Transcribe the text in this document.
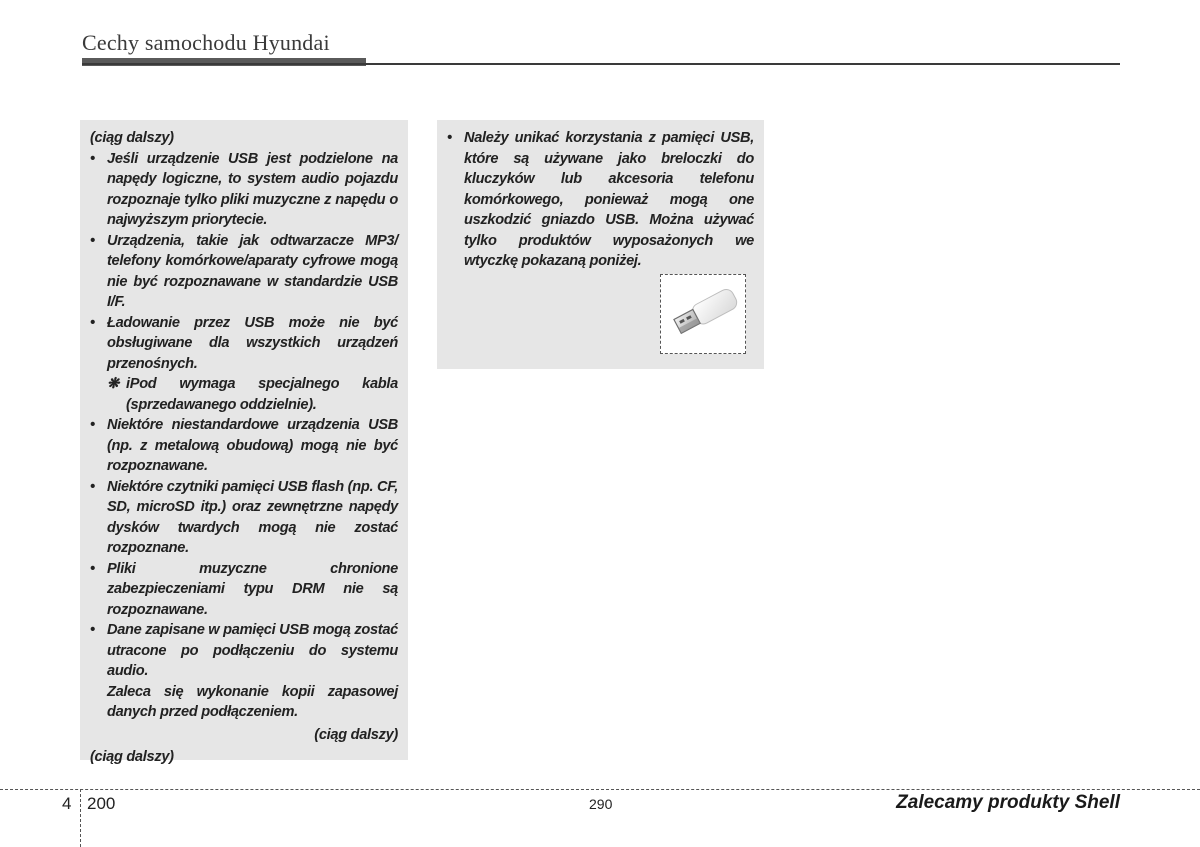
Cechy samochodu Hyundai
(ciąg dalszy)
• Jeśli urządzenie USB jest podzielone na napędy logiczne, to system audio pojazdu rozpoznaje tylko pliki muzyczne z napędu o najwyższym priorytecie.
• Urządzenia, takie jak odtwarzacze MP3/ telefony komórkowe/aparaty cyfrowe mogą nie być rozpoznawane w standardzie USB I/F.
• Ładowanie przez USB może nie być obsługiwane dla wszystkich urządzeń przenośnych.
❋ iPod wymaga specjalnego kabla (sprzedawanego oddzielnie).
• Niektóre niestandardowe urządzenia USB (np. z metalową obudową) mogą nie być rozpoznawane.
• Niektóre czytniki pamięci USB flash (np. CF, SD, microSD itp.) oraz zewnętrzne napędy dysków twardych mogą nie zostać rozpoznane.
• Pliki muzyczne chronione zabezpieczeniami typu DRM nie są rozpoznawane.
• Dane zapisane w pamięci USB mogą zostać utracone po podłączeniu do systemu audio.
Zaleca się wykonanie kopii zapasowej danych przed podłączeniem.
(ciąg dalszy)
(ciąg dalszy)
• Należy unikać korzystania z pamięci USB, które są używane jako breloczki do kluczyków lub akcesoria telefonu komórkowego, ponieważ mogą one uszkodzić gniazdo USB. Można używać tylko produktów wyposażonych we wtyczkę pokazaną poniżej.
4 200	290	Zalecamy produkty Shell
